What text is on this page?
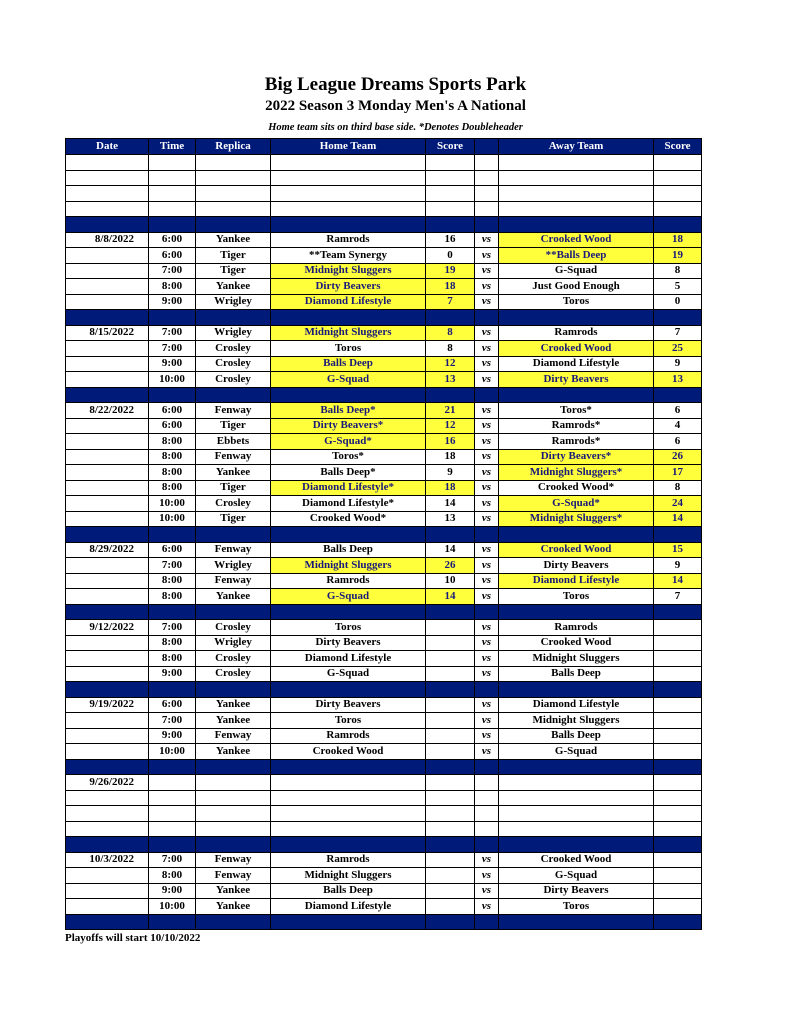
Big League Dreams Sports Park
2022 Season 3 Monday Men's A National
Home team sits on third base side. *Denotes Doubleheader
Date	Time	Replica	Home Team	Score		Away Team	Score

8/8/2022	6:00	Yankee	Ramrods	16	vs	Crooked Wood	18
	6:00	Tiger	**Team Synergy	0	vs	**Balls Deep	19
	7:00	Tiger	Midnight Sluggers	19	vs	G-Squad	8
	8:00	Yankee	Dirty Beavers	18	vs	Just Good Enough	5
	9:00	Wrigley	Diamond Lifestyle	7	vs	Toros	0

8/15/2022	7:00	Wrigley	Midnight Sluggers	8	vs	Ramrods	7
	7:00	Crosley	Toros	8	vs	Crooked Wood	25
	9:00	Crosley	Balls Deep	12	vs	Diamond Lifestyle	9
	10:00	Crosley	G-Squad	13	vs	Dirty Beavers	13

8/22/2022	6:00	Fenway	Balls Deep*	21	vs	Toros*	6
	6:00	Tiger	Dirty Beavers*	12	vs	Ramrods*	4
	8:00	Ebbets	G-Squad*	16	vs	Ramrods*	6
	8:00	Fenway	Toros*	18	vs	Dirty Beavers*	26
	8:00	Yankee	Balls Deep*	9	vs	Midnight Sluggers*	17
	8:00	Tiger	Diamond Lifestyle*	18	vs	Crooked Wood*	8
	10:00	Crosley	Diamond Lifestyle*	14	vs	G-Squad*	24
	10:00	Tiger	Crooked Wood*	13	vs	Midnight Sluggers*	14

8/29/2022	6:00	Fenway	Balls Deep	14	vs	Crooked Wood	15
	7:00	Wrigley	Midnight Sluggers	26	vs	Dirty Beavers	9
	8:00	Fenway	Ramrods	10	vs	Diamond Lifestyle	14
	8:00	Yankee	G-Squad	14	vs	Toros	7

9/12/2022	7:00	Crosley	Toros		vs	Ramrods	
	8:00	Wrigley	Dirty Beavers		vs	Crooked Wood	
	8:00	Crosley	Diamond Lifestyle		vs	Midnight Sluggers	
	9:00	Crosley	G-Squad		vs	Balls Deep	

9/19/2022	6:00	Yankee	Dirty Beavers		vs	Diamond Lifestyle	
	7:00	Yankee	Toros		vs	Midnight Sluggers	
	9:00	Fenway	Ramrods		vs	Balls Deep	
	10:00	Yankee	Crooked Wood		vs	G-Squad	

9/26/2022							

10/3/2022	7:00	Fenway	Ramrods		vs	Crooked Wood	
	8:00	Fenway	Midnight Sluggers		vs	G-Squad	
	9:00	Yankee	Balls Deep		vs	Dirty Beavers	
	10:00	Yankee	Diamond Lifestyle		vs	Toros	

Playoffs will start 10/10/2022
